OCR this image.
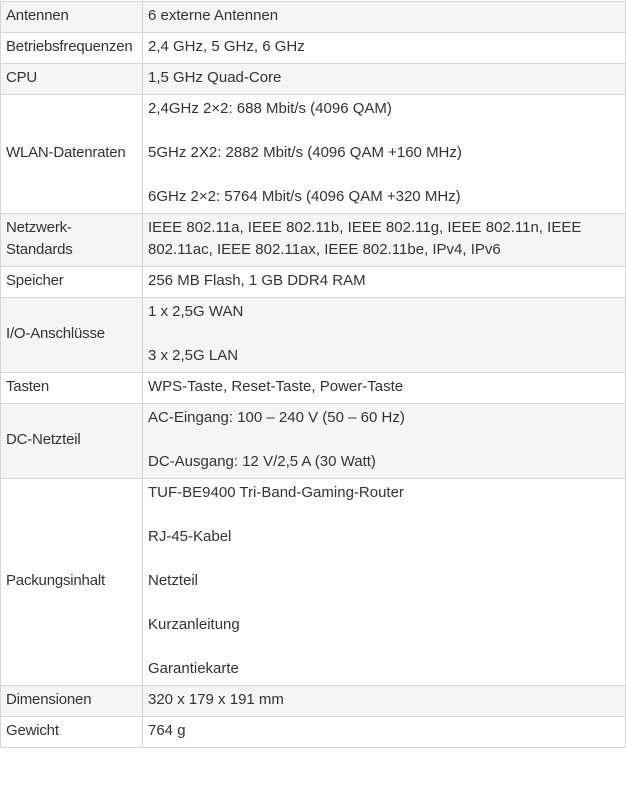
Antennen	6 externe Antennen

Betriebsfrequenzen	2,4 GHz, 5 GHz, 6 GHz

CPU	1,5 GHz Quad-Core

WLAN-Datenraten	2,4GHz 2×2: 688 Mbit/s (4096 QAM)
5GHz 2X2: 2882 Mbit/s (4096 QAM +160 MHz)
6GHz 2×2: 5764 Mbit/s (4096 QAM +320 MHz)

Netzwerk-Standards	IEEE 802.11a, IEEE 802.11b, IEEE 802.11g, IEEE 802.11n, IEEE 802.11ac, IEEE 802.11ax, IEEE 802.11be, IPv4, IPv6

Speicher	256 MB Flash, 1 GB DDR4 RAM

I/O-Anschlüsse	1 x 2,5G WAN
3 x 2,5G LAN

Tasten	WPS-Taste, Reset-Taste, Power-Taste

DC-Netzteil	AC-Eingang: 100 – 240 V (50 – 60 Hz)
DC-Ausgang: 12 V/2,5 A (30 Watt)

Packungsinhalt	TUF-BE9400 Tri-Band-Gaming-Router
RJ-45-Kabel
Netzteil
Kurzanleitung
Garantiekarte

Dimensionen	320 x 179 x 191 mm

Gewicht	764 g
